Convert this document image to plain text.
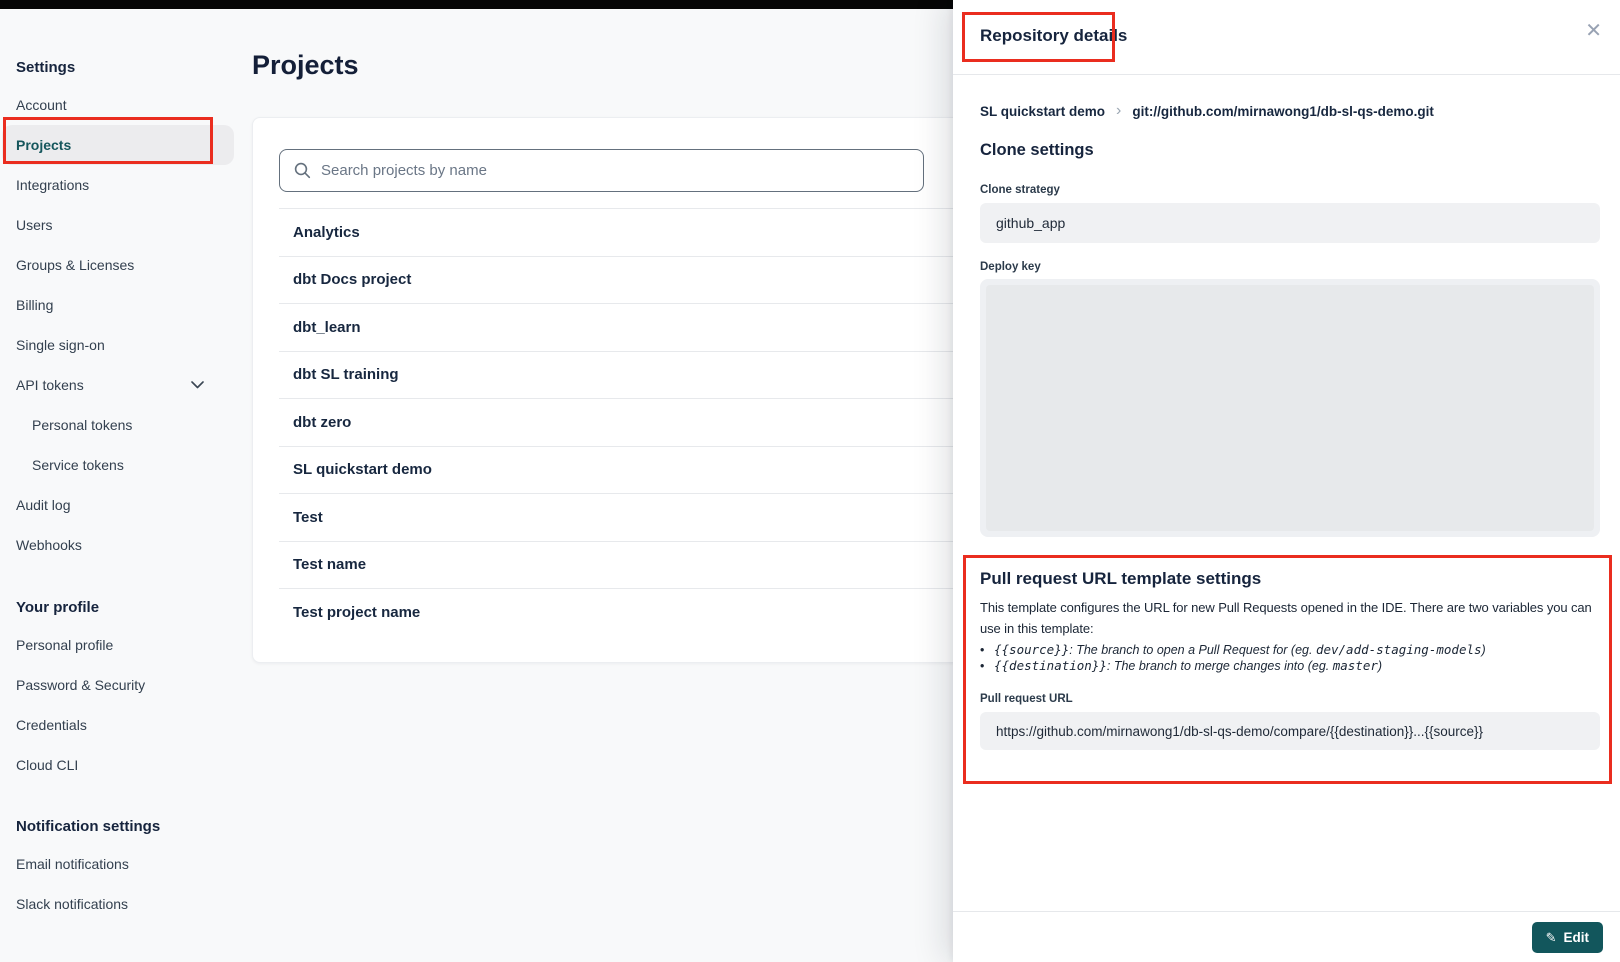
Settings
Account
Projects
Integrations
Users
Groups & Licenses
Billing
Single sign-on
API tokens
Personal tokens
Service tokens
Audit log
Webhooks
Your profile
Personal profile
Password & Security
Credentials
Cloud CLI
Notification settings
Email notifications
Slack notifications
Projects
Search projects by name
Analytics
dbt Docs project
dbt_learn
dbt SL training
dbt zero
SL quickstart demo
Test
Test name
Test project name
Repository details	✕
SL quickstart demo › git://github.com/mirnawong1/db-sl-qs-demo.git
Clone settings
Clone strategy
github_app
Deploy key
Pull request URL template settings

This template configures the URL for new Pull Requests opened in the IDE. There are two variables you can use in this template:

• {{source}}: The branch to open a Pull Request for (eg. dev/add-staging-models)
• {{destination}}: The branch to merge changes into (eg. master)
Pull request URL
https://github.com/mirnawong1/db-sl-qs-demo/compare/{{destination}}...{{source}}
✎ Edit
